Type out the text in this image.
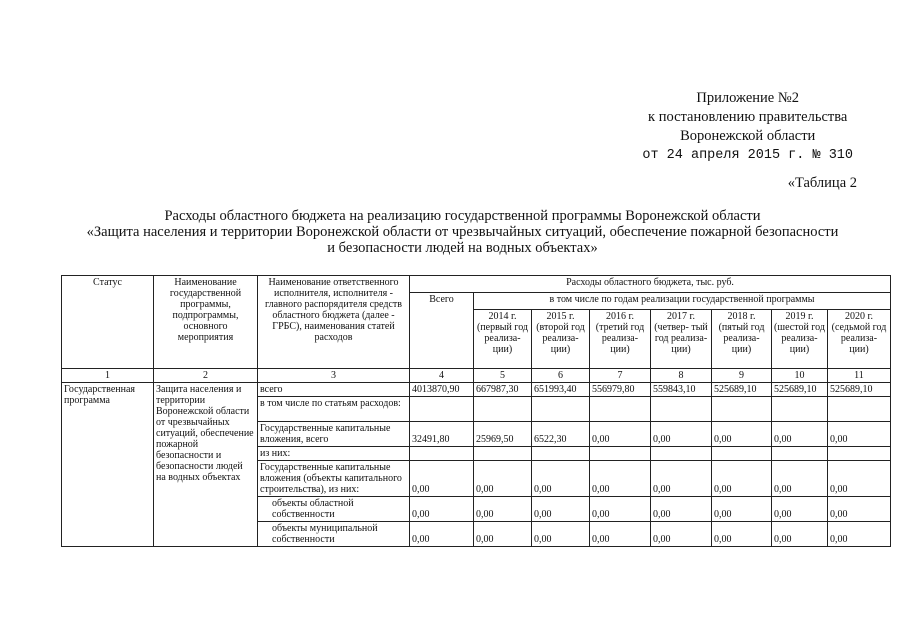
Приложение №2
к постановлению правительства
Воронежской области
от 24 апреля 2015 г. № 310
«Таблица 2
Расходы областного бюджета на реализацию государственной программы Воронежской области
«Защита населения и территории Воронежской области от чрезвычайных ситуаций, обеспечение пожарной безопасности
и безопасности людей на водных объектах»
Статус	Наименование государственной программы, подпрограммы, основного мероприятия	Наименование ответственного исполнителя, исполнителя - главного распорядителя средств областного бюджета (далее - ГРБС), наименования статей расходов	Расходы областного бюджета, тыс. руб.							
			Всего	в том числе по годам реализации государственной программы						
				2014 г. (первый год реализа- ции)	2015 г. (второй год реализа- ции)	2016 г. (третий год реализа- ции)	2017 г. (четвер- тый год реализа- ции)	2018 г. (пятый год реализа- ции)	2019 г. (шестой год реализа- ции)	2020 г. (седьмой год реализа- ции)
1	2	3	4	5	6	7	8	9	10	11
Государственная программа	Защита населения и территории Воронежской области от чрезвычайных ситуаций, обеспечение пожарной безопасности и безопасности людей на водных объектах	всего	4013870,90	667987,30	651993,40	556979,80	559843,10	525689,10	525689,10	525689,10
		в том числе по статьям расходов:								
		Государственные капитальные вложения, всего	32491,80	25969,50	6522,30	0,00	0,00	0,00	0,00	0,00
		из них:								
		Государственные капитальные вложения (объекты капитального строительства), из них:	0,00	0,00	0,00	0,00	0,00	0,00	0,00	0,00
		объекты областной собственности	0,00	0,00	0,00	0,00	0,00	0,00	0,00	0,00
		объекты муниципальной собственности	0,00	0,00	0,00	0,00	0,00	0,00	0,00	0,00
